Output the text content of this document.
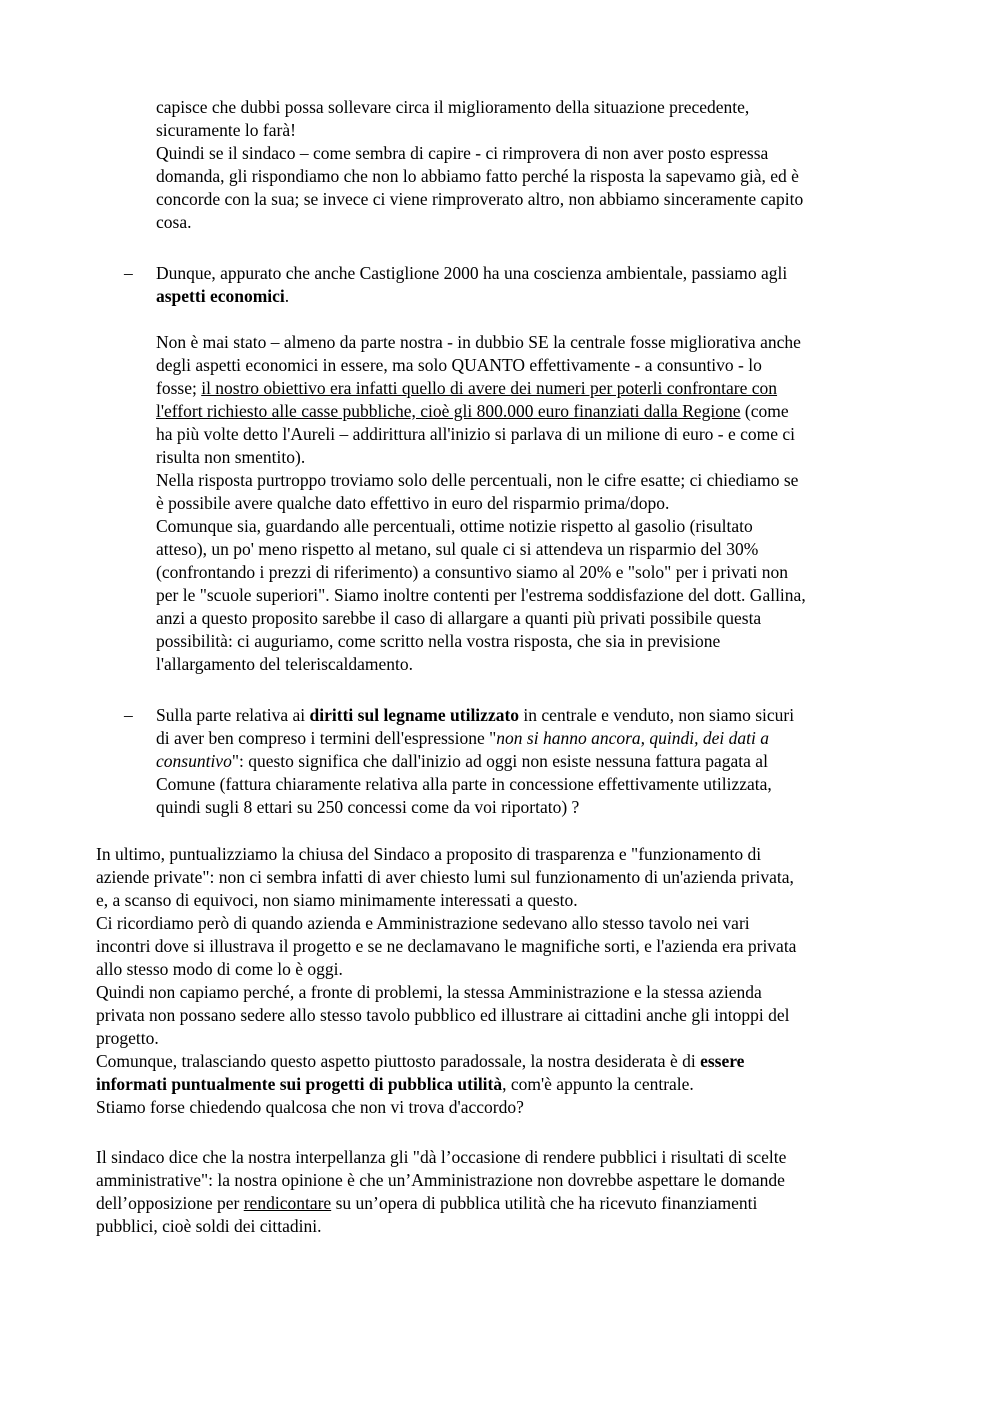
capisce che dubbi possa sollevare circa il miglioramento della situazione precedente,
sicuramente lo farà!
Quindi se il sindaco – come sembra di capire - ci rimprovera di non aver posto espressa
domanda, gli rispondiamo che non lo abbiamo fatto perché la risposta la sapevamo già, ed è
concorde con la sua; se invece ci viene rimproverato altro, non abbiamo sinceramente capito
cosa.
– Dunque, appurato che anche Castiglione 2000 ha una coscienza ambientale, passiamo agli
aspetti economici.
Non è mai stato – almeno da parte nostra - in dubbio SE la centrale fosse migliorativa anche
degli aspetti economici in essere, ma solo QUANTO effettivamente - a consuntivo - lo
fosse; il nostro obiettivo era infatti quello di avere dei numeri per poterli confrontare con
l'effort richiesto alle casse pubbliche, cioè gli 800.000 euro finanziati dalla Regione (come
ha più volte detto l'Aureli – addirittura all'inizio si parlava di un milione di euro - e come ci
risulta non smentito).
Nella risposta purtroppo troviamo solo delle percentuali, non le cifre esatte; ci chiediamo se
è possibile avere qualche dato effettivo in euro del risparmio prima/dopo.
Comunque sia, guardando alle percentuali, ottime notizie rispetto al gasolio (risultato
atteso), un po' meno rispetto al metano, sul quale ci si attendeva un risparmio del 30%
(confrontando i prezzi di riferimento) a consuntivo siamo al 20% e "solo" per i privati non
per le "scuole superiori". Siamo inoltre contenti per l'estrema soddisfazione del dott. Gallina,
anzi a questo proposito sarebbe il caso di allargare a quanti più privati possibile questa
possibilità: ci auguriamo, come scritto nella vostra risposta, che sia in previsione
l'allargamento del teleriscaldamento.
– Sulla parte relativa ai diritti sul legname utilizzato in centrale e venduto, non siamo sicuri
di aver ben compreso i termini dell'espressione "non si hanno ancora, quindi, dei dati a
consuntivo": questo significa che dall'inizio ad oggi non esiste nessuna fattura pagata al
Comune (fattura chiaramente relativa alla parte in concessione effettivamente utilizzata,
quindi sugli 8 ettari su 250 concessi come da voi riportato) ?
In ultimo, puntualizziamo la chiusa del Sindaco a proposito di trasparenza e "funzionamento di
aziende private": non ci sembra infatti di aver chiesto lumi sul funzionamento di un'azienda privata,
e, a scanso di equivoci, non siamo minimamente interessati a questo.
Ci ricordiamo però di quando azienda e Amministrazione sedevano allo stesso tavolo nei vari
incontri dove si illustrava il progetto e se ne declamavano le magnifiche sorti, e l'azienda era privata
allo stesso modo di come lo è oggi.
Quindi non capiamo perché, a fronte di problemi, la stessa Amministrazione e la stessa azienda
privata non possano sedere allo stesso tavolo pubblico ed illustrare ai cittadini anche gli intoppi del
progetto.
Comunque, tralasciando questo aspetto piuttosto paradossale, la nostra desiderata è di essere
informati puntualmente sui progetti di pubblica utilità, com'è appunto la centrale.
Stiamo forse chiedendo qualcosa che non vi trova d'accordo?
Il sindaco dice che la nostra interpellanza gli "dà l’occasione di rendere pubblici i risultati di scelte
amministrative": la nostra opinione è che un’Amministrazione non dovrebbe aspettare le domande
dell’opposizione per rendicontare su un’opera di pubblica utilità che ha ricevuto finanziamenti
pubblici, cioè soldi dei cittadini.
